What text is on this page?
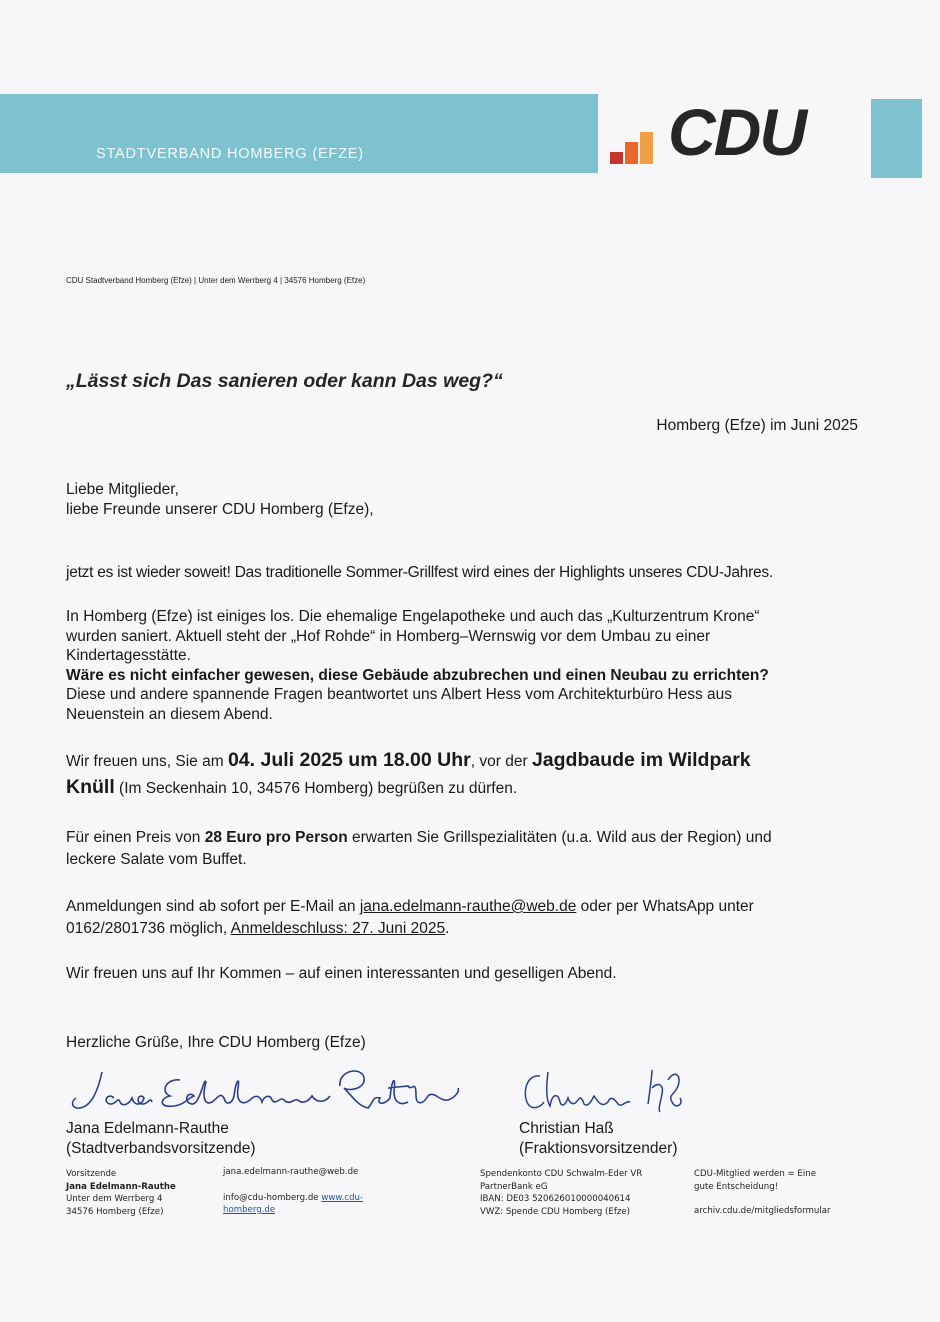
STADTVERBAND HOMBERG (EFZE)	CDU
CDU Stadtverband Homberg (Efze) | Unter dem Werrberg 4 | 34576 Homberg (Efze)
„Lässt sich Das sanieren oder kann Das weg?“
Homberg (Efze) im Juni 2025
Liebe Mitglieder,
liebe Freunde unserer CDU Homberg (Efze),
jetzt es ist wieder soweit! Das traditionelle Sommer-Grillfest wird eines der Highlights unseres CDU-Jahres.
In Homberg (Efze) ist einiges los. Die ehemalige Engelapotheke und auch das „Kulturzentrum Krone“
wurden saniert. Aktuell steht der „Hof Rohde“ in Homberg–Wernswig vor dem Umbau zu einer
Kindertagesstätte.
Wäre es nicht einfacher gewesen, diese Gebäude abzubrechen und einen Neubau zu errichten?
Diese und andere spannende Fragen beantwortet uns Albert Hess vom Architekturbüro Hess aus
Neuenstein an diesem Abend.
Wir freuen uns, Sie am 04. Juli 2025 um 18.00 Uhr, vor der Jagdbaude im Wildpark
Knüll (Im Seckenhain 10, 34576 Homberg) begrüßen zu dürfen.
Für einen Preis von 28 Euro pro Person erwarten Sie Grillspezialitäten (u.a. Wild aus der Region) und
leckere Salate vom Buffet.
Anmeldungen sind ab sofort per E-Mail an jana.edelmann-rauthe@web.de oder per WhatsApp unter
0162/2801736 möglich, Anmeldeschluss: 27. Juni 2025.
Wir freuen uns auf Ihr Kommen – auf einen interessanten und geselligen Abend.
Herzliche Grüße, Ihre CDU Homberg (Efze)
Jana Edelmann-Rauthe
(Stadtverbandsvorsitzende)
Christian Haß
(Fraktionsvorsitzender)
Vorsitzende
Jana Edelmann-Rauthe
Unter dem Werrberg 4
34576 Homberg (Efze)
jana.edelmann-rauthe@web.de
info@cdu-homberg.de www.cdu-
homberg.de
Spendenkonto CDU Schwalm-Eder VR
PartnerBank eG
IBAN: DE03 520626010000040614
VWZ: Spende CDU Homberg (Efze)
CDU-Mitglied werden = Eine
gute Entscheidung!
archiv.cdu.de/mitgliedsformular
